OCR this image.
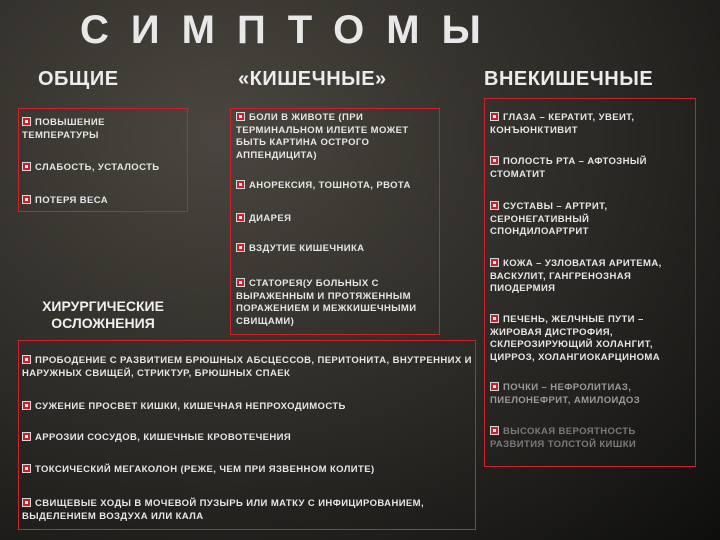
СИМПТОМЫ
ОБЩИЕ	«КИШЕЧНЫЕ»	ВНЕКИШЕЧНЫЕ

ПОВЫШЕНИЕ ТЕМПЕРАТУРЫ

СЛАБОСТЬ, УСТАЛОСТЬ

ПОТЕРЯ ВЕСА

ХИРУРГИЧЕСКИЕ ОСЛОЖНЕНИЯ

БОЛИ В ЖИВОТЕ (ПРИ ТЕРМИНАЛЬНОМ ИЛЕИТЕ МОЖЕТ БЫТЬ КАРТИНА ОСТРОГО АППЕНДИЦИТА)

АНОРЕКСИЯ, ТОШНОТА, РВОТА

ДИАРЕЯ

ВЗДУТИЕ КИШЕЧНИКА

СТАТОРЕЯ(У БОЛЬНЫХ С ВЫРАЖЕННЫМ И ПРОТЯЖЕННЫМ ПОРАЖЕНИЕМ И МЕЖКИШЕЧНЫМИ СВИЩАМИ)

ГЛАЗА – КЕРАТИТ, УВЕИТ, КОНЪЮНКТИВИТ

ПОЛОСТЬ РТА – АФТОЗНЫЙ СТОМАТИТ

СУСТАВЫ – АРТРИТ, СЕРОНЕГАТИВНЫЙ СПОНДИЛОАРТРИТ

КОЖА – УЗЛОВАТАЯ АРИТЕМА, ВАСКУЛИТ, ГАНГРЕНОЗНАЯ ПИОДЕРМИЯ

ПЕЧЕНЬ, ЖЕЛЧНЫЕ ПУТИ – ЖИРОВАЯ ДИСТРОФИЯ, СКЛЕРОЗИРУЮЩИЙ ХОЛАНГИТ, ЦИРРОЗ, ХОЛАНГИОКАРЦИНОМА

ПОЧКИ – НЕФРОЛИТИАЗ, ПИЕЛОНЕФРИТ, АМИЛОИДОЗ

ВЫСОКАЯ ВЕРОЯТНОСТЬ РАЗВИТИЯ ТОЛСТОЙ КИШКИ

ПРОБОДЕНИЕ С РАЗВИТИЕМ БРЮШНЫХ АБСЦЕССОВ, ПЕРИТОНИТА, ВНУТРЕННИХ И НАРУЖНЫХ СВИЩЕЙ, СТРИКТУР, БРЮШНЫХ СПАЕК

СУЖЕНИЕ ПРОСВЕТ КИШКИ, КИШЕЧНАЯ НЕПРОХОДИМОСТЬ

АРРОЗИИ СОСУДОВ, КИШЕЧНЫЕ КРОВОТЕЧЕНИЯ

ТОКСИЧЕСКИЙ МЕГАКОЛОН (РЕЖЕ, ЧЕМ ПРИ ЯЗВЕННОМ КОЛИТЕ)

СВИЩЕВЫЕ ХОДЫ В МОЧЕВОЙ ПУЗЫРЬ ИЛИ МАТКУ С ИНФИЦИРОВАНИЕМ, ВЫДЕЛЕНИЕМ ВОЗДУХА ИЛИ КАЛА
